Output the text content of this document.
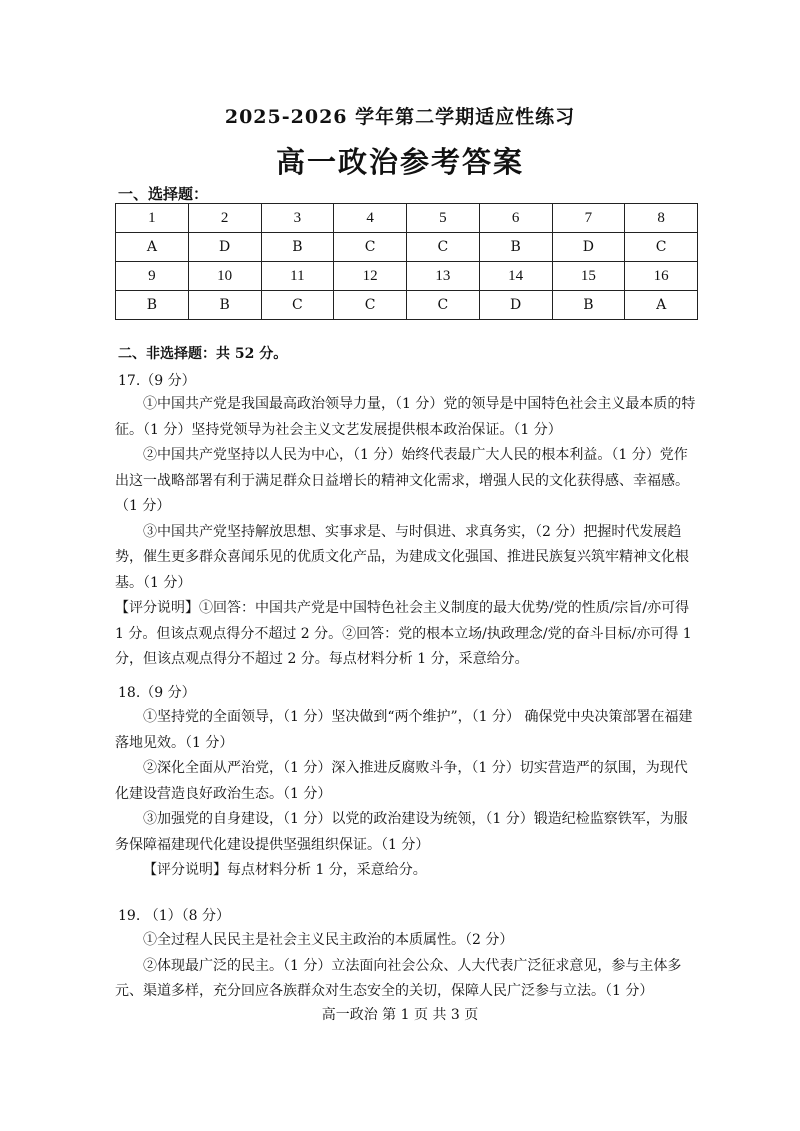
2025-2026 学年第二学期适应性练习
高一政治参考答案
一、选择题：
1	2	3	4	5	6	7	8
A	D	B	C	C	B	D	C
9	10	11	12	13	14	15	16
B	B	C	C	C	D	B	A
二、非选择题：共 52 分。
17.（9 分）

①中国共产党是我国最高政治领导力量，（1 分）党的领导是中国特色社会主义最本质的特征。（1 分）坚持党领导为社会主义文艺发展提供根本政治保证。（1 分）

②中国共产党坚持以人民为中心，（1 分）始终代表最广大人民的根本利益。（1 分）党作出这一战略部署有利于满足群众日益增长的精神文化需求，增强人民的文化获得感、幸福感。（1 分）

③中国共产党坚持解放思想、实事求是、与时俱进、求真务实，（2 分）把握时代发展趋势，催生更多群众喜闻乐见的优质文化产品，为建成文化强国、推进民族复兴筑牢精神文化根基。（1 分）

【评分说明】①回答：中国共产党是中国特色社会主义制度的最大优势/党的性质/宗旨/亦可得 1 分。但该点观点得分不超过 2 分。②回答：党的根本立场/执政理念/党的奋斗目标/亦可得 1 分，但该点观点得分不超过 2 分。每点材料分析 1 分，采意给分。

18.（9 分）

①坚持党的全面领导，（1 分）坚决做到“两个维护”，（1 分） 确保党中央决策部署在福建落地见效。（1 分）

②深化全面从严治党，（1 分）深入推进反腐败斗争，（1 分）切实营造严的氛围，为现代化建设营造良好政治生态。（1 分）

③加强党的自身建设，（1 分）以党的政治建设为统领，（1 分）锻造纪检监察铁军，为服务保障福建现代化建设提供坚强组织保证。（1 分）

【评分说明】每点材料分析 1 分，采意给分。

19. （1）（8 分）

①全过程人民民主是社会主义民主政治的本质属性。（2 分）

②体现最广泛的民主。（1 分）立法面向社会公众、人大代表广泛征求意见，参与主体多元、渠道多样，充分回应各族群众对生态安全的关切，保障人民广泛参与立法。（1 分）

高一政治 第 1 页 共 3 页
